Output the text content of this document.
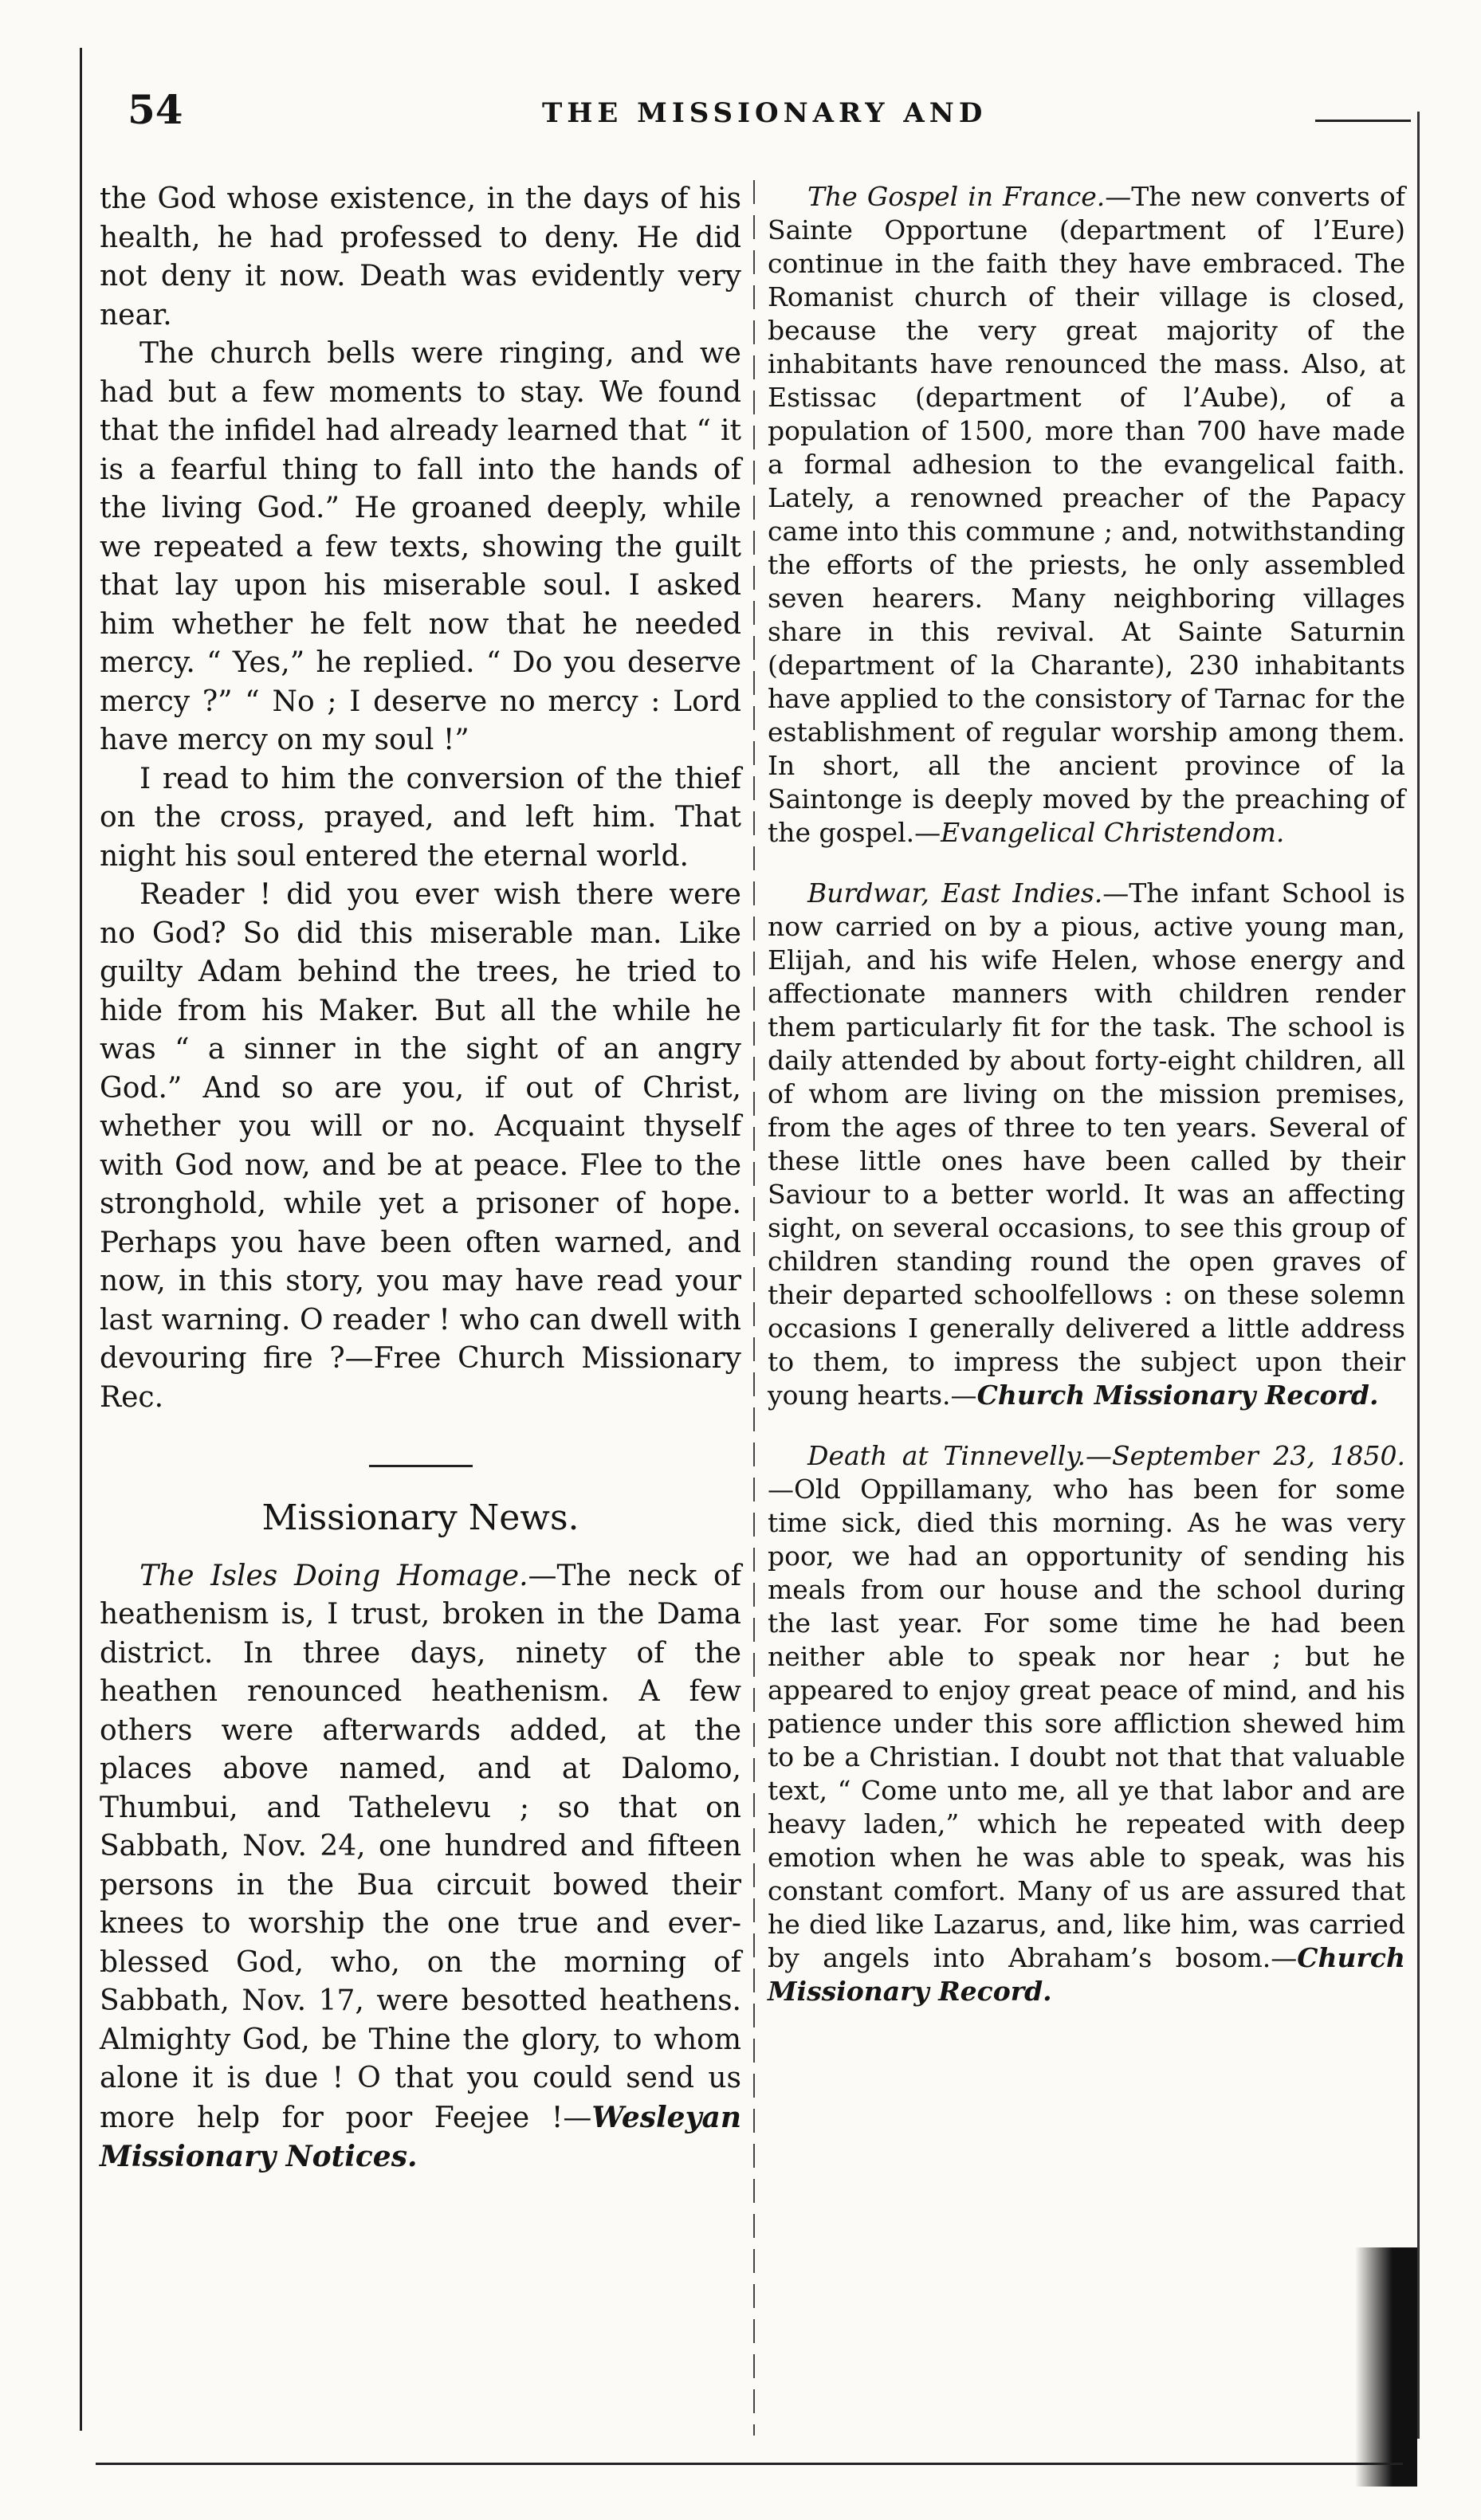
54	THE MISSIONARY AND

the God whose existence, in the days of his health, he had professed to deny. He did not deny it now. Death was evidently very near.

The church bells were ringing, and we had but a few moments to stay. We found that the infidel had already learned that “ it is a fearful thing to fall into the hands of the living God.” He groaned deeply, while we repeated a few texts, showing the guilt that lay upon his miserable soul. I asked him whether he felt now that he needed mercy. “ Yes,” he replied. “ Do you deserve mercy ?” “ No ; I deserve no mercy : Lord have mercy on my soul !”

I read to him the conversion of the thief on the cross, prayed, and left him. That night his soul entered the eternal world.

Reader ! did you ever wish there were no God? So did this miserable man. Like guilty Adam behind the trees, he tried to hide from his Maker. But all the while he was “ a sinner in the sight of an angry God.” And so are you, if out of Christ, whether you will or no. Acquaint thyself with God now, and be at peace. Flee to the stronghold, while yet a prisoner of hope. Perhaps you have been often warned, and now, in this story, you may have read your last warning. O reader ! who can dwell with devouring fire ?—Free Church Missionary Rec.

Missionary News.

The Isles Doing Homage.—The neck of heathenism is, I trust, broken in the Dama district. In three days, ninety of the heathen renounced heathenism. A few others were afterwards added, at the places above named, and at Dalomo, Thumbui, and Tathelevu ; so that on Sabbath, Nov. 24, one hundred and fifteen persons in the Bua circuit bowed their knees to worship the one true and ever-blessed God, who, on the morning of Sabbath, Nov. 17, were besotted heathens. Almighty God, be Thine the glory, to whom alone it is due ! O that you could send us more help for poor Feejee !—Wesleyan Missionary Notices.

The Gospel in France.—The new converts of Sainte Opportune (department of l’Eure) continue in the faith they have embraced. The Romanist church of their village is closed, because the very great majority of the inhabitants have renounced the mass. Also, at Estissac (department of l’Aube), of a population of 1500, more than 700 have made a formal adhesion to the evangelical faith. Lately, a renowned preacher of the Papacy came into this commune ; and, notwithstanding the efforts of the priests, he only assembled seven hearers. Many neighboring villages share in this revival. At Sainte Saturnin (department of la Charante), 230 inhabitants have applied to the consistory of Tarnac for the establishment of regular worship among them. In short, all the ancient province of la Saintonge is deeply moved by the preaching of the gospel.—Evangelical Christendom.

Burdwar, East Indies.—The infant School is now carried on by a pious, active young man, Elijah, and his wife Helen, whose energy and affectionate manners with children render them particularly fit for the task. The school is daily attended by about forty-eight children, all of whom are living on the mission premises, from the ages of three to ten years. Several of these little ones have been called by their Saviour to a better world. It was an affecting sight, on several occasions, to see this group of children standing round the open graves of their departed schoolfellows : on these solemn occasions I generally delivered a little address to them, to impress the subject upon their young hearts.—Church Missionary Record.

Death at Tinnevelly.—September 23, 1850.—Old Oppillamany, who has been for some time sick, died this morning. As he was very poor, we had an opportunity of sending his meals from our house and the school during the last year. For some time he had been neither able to speak nor hear ; but he appeared to enjoy great peace of mind, and his patience under this sore affliction shewed him to be a Christian. I doubt not that that valuable text, “ Come unto me, all ye that labor and are heavy laden,” which he repeated with deep emotion when he was able to speak, was his constant comfort. Many of us are assured that he died like Lazarus, and, like him, was carried by angels into Abraham’s bosom.—Church Missionary Record.
